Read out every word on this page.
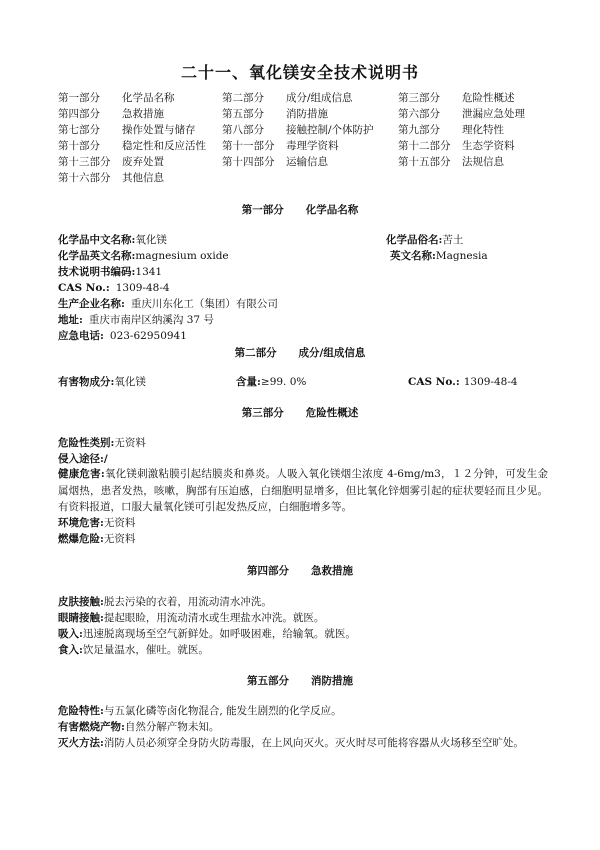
二十一、氧化镁安全技术说明书
第一部分 化学品名称	第二部分 成分/组成信息	第三部分 危险性概述
第四部分 急救措施	第五部分 消防措施	第六部分 泄漏应急处理
第七部分 操作处置与储存	第八部分 接触控制/个体防护 第九部分 理化特性
第十部分 稳定性和反应活性 第十一部分 毒理学资料	第十二部分 生态学资料
第十三部分 废弃处置	第十四部分 运输信息	第十五部分 法规信息
第十六部分 其他信息
第一部分      化学品名称
化学品中文名称:氧化镁	化学品俗名:苦土
化学品英文名称:magnesium oxide	英文名称:Magnesia
技术说明书编码:1341
CAS No.: 1309-48-4
生产企业名称: 重庆川东化工（集团）有限公司
地址: 重庆市南岸区纳溪沟 37 号
应急电话: 023-62950941
第二部分      成分/组成信息
有害物成分:氧化镁	含量:≥99. 0%	CAS No.: 1309-48-4
第三部分      危险性概述
危险性类别:无资料
侵入途径:/
健康危害:氧化镁刺激粘膜引起结膜炎和鼻炎。人吸入氧化镁烟尘浓度 4-6mg/m3，１２分钟，可发生金属烟热，患者发热，咳嗽，胸部有压迫感，白细胞明显增多，但比氧化锌烟雾引起的症状要轻而且少见。有资料报道，口服大量氧化镁可引起发热反应，白细胞增多等。
环境危害:无资料
燃爆危险:无资料
第四部分      急救措施
皮肤接触:脱去污染的衣着，用流动清水冲洗。
眼睛接触:提起眼睑，用流动清水或生理盐水冲洗。就医。
吸入:迅速脱离现场至空气新鲜处。如呼吸困难，给输氧。就医。
食入:饮足量温水，催吐。就医。
第五部分      消防措施
危险特性:与五氯化磷等卤化物混合, 能发生剧烈的化学反应。
有害燃烧产物:自然分解产物未知。
灭火方法:消防人员必须穿全身防火防毒服，在上风向灭火。灭火时尽可能将容器从火场移至空旷处。
